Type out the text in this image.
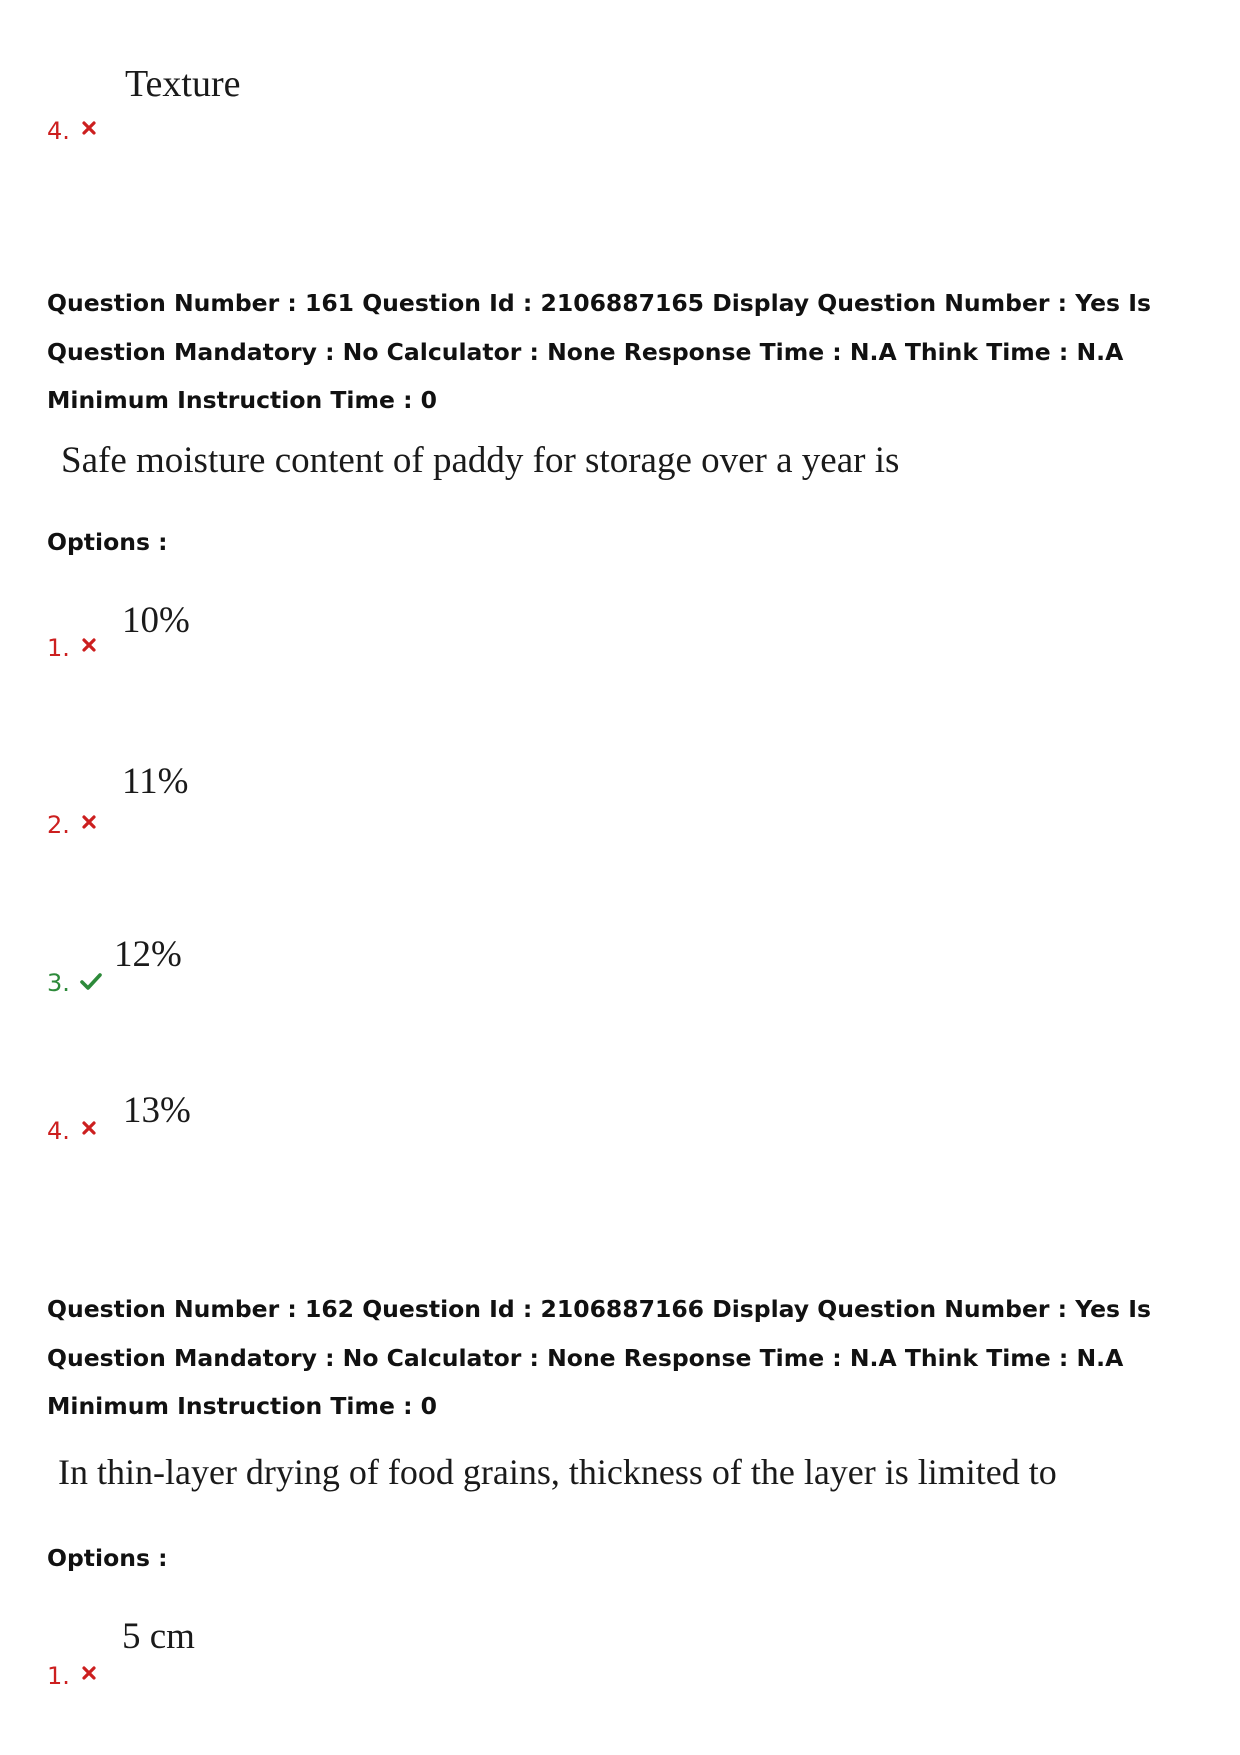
Texture
4.
Question Number : 161 Question Id : 2106887165 Display Question Number : Yes Is Question Mandatory : No Calculator : None Response Time : N.A Think Time : N.A Minimum Instruction Time : 0
Safe moisture content of paddy for storage over a year is
Options :
10%
1.
11%
2.
12%
3.
13%
4.
Question Number : 162 Question Id : 2106887166 Display Question Number : Yes Is Question Mandatory : No Calculator : None Response Time : N.A Think Time : N.A Minimum Instruction Time : 0
In thin-layer drying of food grains, thickness of the layer is limited to
Options :
5 cm
1.
